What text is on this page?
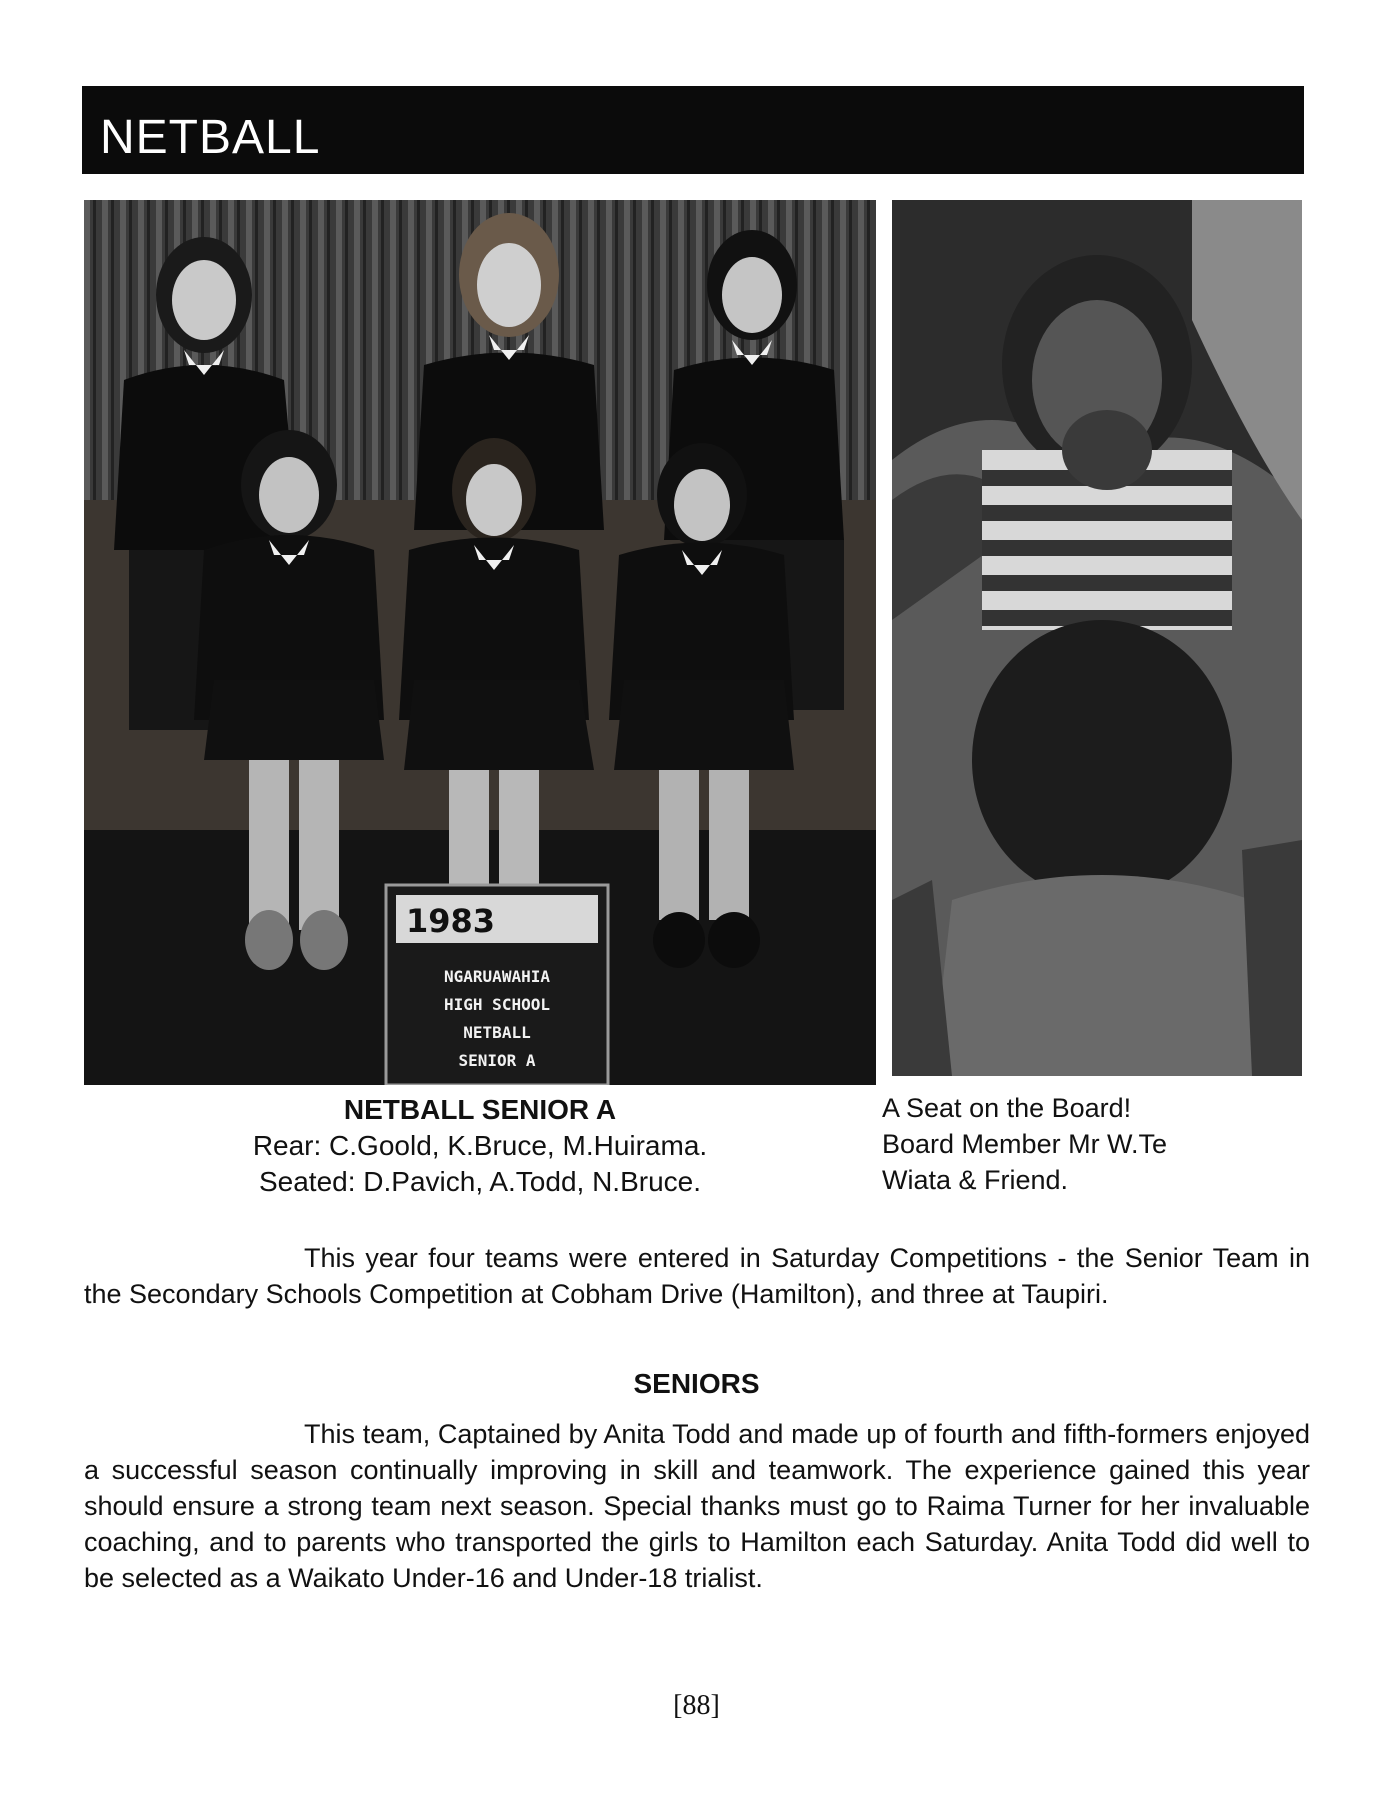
NETBALL
1983
NGARUAWAHIA
HIGH SCHOOL
NETBALL
SENIOR A
NETBALL SENIOR A
Rear: C.Goold, K.Bruce, M.Huirama.
Seated: D.Pavich, A.Todd, N.Bruce.
A Seat on the Board!
Board Member Mr W.Te
Wiata & Friend.
This year four teams were entered in Saturday Competitions - the Senior Team in the Secondary Schools Competition at Cobham Drive (Hamilton), and three at Taupiri.
SENIORS
This team, Captained by Anita Todd and made up of fourth and fifth-formers enjoyed a successful season continually improving in skill and teamwork. The experience gained this year should ensure a strong team next season. Special thanks must go to Raima Turner for her invaluable coaching, and to parents who transported the girls to Hamilton each Saturday. Anita Todd did well to be selected as a Waikato Under-16 and Under-18 trialist.
[88]
